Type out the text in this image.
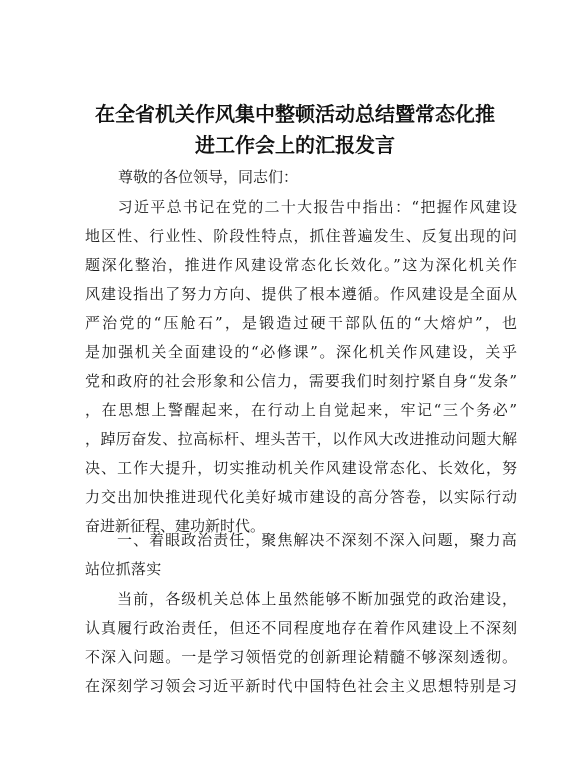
在全省机关作风集中整顿活动总结暨常态化推
进工作会上的汇报发言
尊敬的各位领导，同志们：
　　习近平总书记在党的二十大报告中指出：“把握作风建设
地区性、行业性、阶段性特点，抓住普遍发生、反复出现的问
题深化整治，推进作风建设常态化长效化。”这为深化机关作
风建设指出了努力方向、提供了根本遵循。作风建设是全面从
严治党的“压舱石”，是锻造过硬干部队伍的“大熔炉”，也
是加强机关全面建设的“必修课”。深化机关作风建设，关乎
党和政府的社会形象和公信力，需要我们时刻拧紧自身“发条”
，在思想上警醒起来，在行动上自觉起来，牢记“三个务必”
，踔厉奋发、拉高标杆、埋头苦干，以作风大改进推动问题大解
决、工作大提升，切实推动机关作风建设常态化、长效化，努
力交出加快推进现代化美好城市建设的高分答卷，以实际行动
奋进新征程、建功新时代。
　　一、着眼政治责任，聚焦解决不深刻不深入问题，聚力高
站位抓落实
　　当前，各级机关总体上虽然能够不断加强党的政治建设，
认真履行政治责任，但还不同程度地存在着作风建设上不深刻
不深入问题。一是学习领悟党的创新理论精髓不够深刻透彻。
在深刻学习领会习近平新时代中国特色社会主义思想特别是习
